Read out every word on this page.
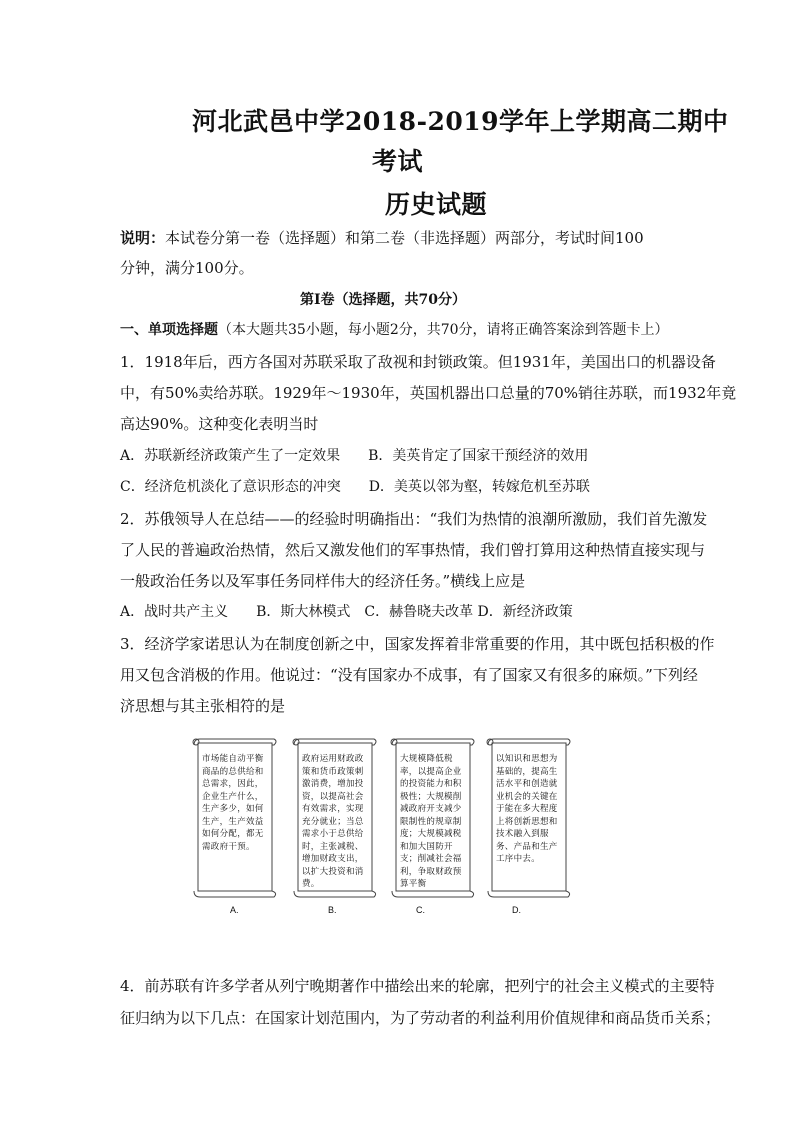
河北武邑中学2018-2019学年上学期高二期中
考试
历史试题
说明：本试卷分第一卷（选择题）和第二卷（非选择题）两部分，考试时间100
分钟，满分100分。
第Ⅰ卷（选择题，共70分）
一、单项选择题（本大题共35小题，每小题2分，共70分，请将正确答案涂到答题卡上）
1．1918年后，西方各国对苏联采取了敌视和封锁政策。但1931年，美国出口的机器设备
中，有50%卖给苏联。1929年～1930年，英国机器出口总量的70%销往苏联，而1932年竟
高达90%。这种变化表明当时
A．苏联新经济政策产生了一定效果　　B．美英肯定了国家干预经济的效用
C．经济危机淡化了意识形态的冲突　　D．美英以邻为壑，转嫁危机至苏联
2．苏俄领导人在总结——的经验时明确指出：“我们为热情的浪潮所激励，我们首先激发
了人民的普遍政治热情，然后又激发他们的军事热情，我们曾打算用这种热情直接实现与
一般政治任务以及军事任务同样伟大的经济任务。”横线上应是
A．战时共产主义　　B．斯大林模式　C．赫鲁晓夫改革 D．新经济政策
3．经济学家诺思认为在制度创新之中，国家发挥着非常重要的作用，其中既包括积极的作
用又包含消极的作用。他说过：“没有国家办不成事，有了国家又有很多的麻烦。”下列经
济思想与其主张相符的是
市场能自动平衡商品的总供给和总需求，因此，企业生产什么，生产多少，如何生产，生产效益如何分配，都无需政府干预。
政府运用财政政策和货币政策刺激消费，增加投资，以提高社会有效需求，实现充分就业；当总需求小于总供给时，主张减税、增加财政支出，以扩大投资和消费。
大规模降低税率，以提高企业的投资能力和积极性；大规模削减政府开支减少限制性的规章制度；大规模减税和加大国防开支；削减社会福利，争取财政预算平衡
以知识和思想为基础的，提高生活水平和创造就业机会的关键在于能在多大程度上将创新思想和技术融入到服务、产品和生产工序中去。
A.	B.	C.	D.
4．前苏联有许多学者从列宁晚期著作中描绘出来的轮廓，把列宁的社会主义模式的主要特
征归纳为以下几点：在国家计划范围内，为了劳动者的利益利用价值规律和商品货币关系；
